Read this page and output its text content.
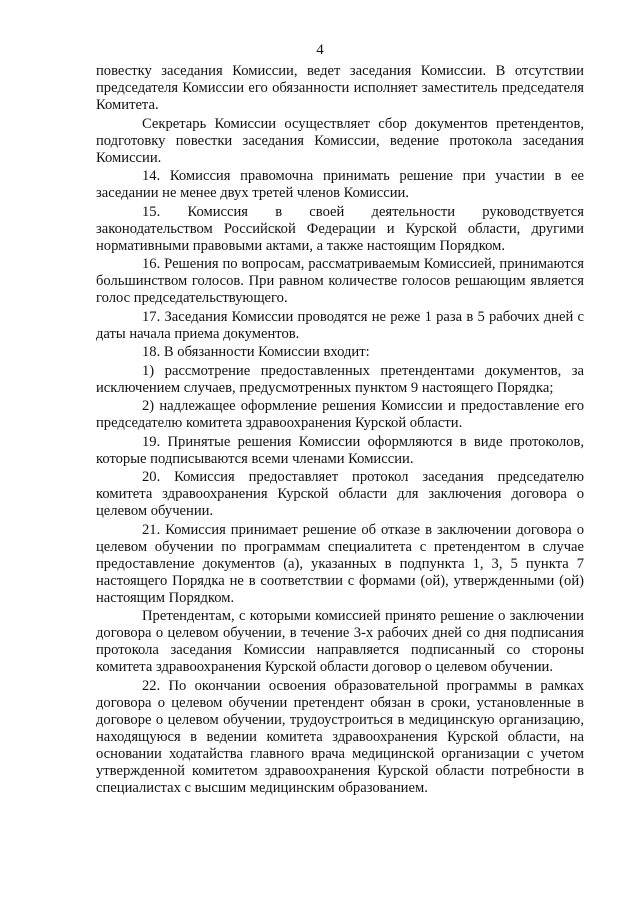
4

повестку заседания Комиссии, ведет заседания Комиссии. В отсутствии председателя Комиссии его обязанности исполняет заместитель председателя Комитета.

Секретарь Комиссии осуществляет сбор документов претендентов, подготовку повестки заседания Комиссии, ведение протокола заседания Комиссии.

14. Комиссия правомочна принимать решение при участии в ее заседании не менее двух третей членов Комиссии.

15. Комиссия в своей деятельности руководствуется законодательством Российской Федерации и Курской области, другими нормативными правовыми актами, а также настоящим Порядком.

16. Решения по вопросам, рассматриваемым Комиссией, принимаются большинством голосов. При равном количестве голосов решающим является голос председательствующего.

17. Заседания Комиссии проводятся не реже 1 раза в 5 рабочих дней с даты начала приема документов.

18. В обязанности Комиссии входит:

1) рассмотрение предоставленных претендентами документов, за исключением случаев, предусмотренных пунктом 9 настоящего Порядка;

2) надлежащее оформление решения Комиссии и предоставление его председателю комитета здравоохранения Курской области.

19. Принятые решения Комиссии оформляются в виде протоколов, которые подписываются всеми членами Комиссии.

20. Комиссия предоставляет протокол заседания председателю комитета здравоохранения Курской области для заключения договора о целевом обучении.

21. Комиссия принимает решение об отказе в заключении договора о целевом обучении по программам специалитета с претендентом в случае предоставление документов (а), указанных в подпункта 1, 3, 5 пункта 7 настоящего Порядка не в соответствии с формами (ой), утвержденными (ой) настоящим Порядком.

Претендентам, с которыми комиссией принято решение о заключении договора о целевом обучении, в течение 3-х рабочих дней со дня подписания протокола заседания Комиссии направляется подписанный со стороны комитета здравоохранения Курской области договор о целевом обучении.

22. По окончании освоения образовательной программы в рамках договора о целевом обучении претендент обязан в сроки, установленные в договоре о целевом обучении, трудоустроиться в медицинскую организацию, находящуюся в ведении комитета здравоохранения Курской области, на основании ходатайства главного врача медицинской организации с учетом утвержденной комитетом здравоохранения Курской области потребности в специалистах с высшим медицинским образованием.
